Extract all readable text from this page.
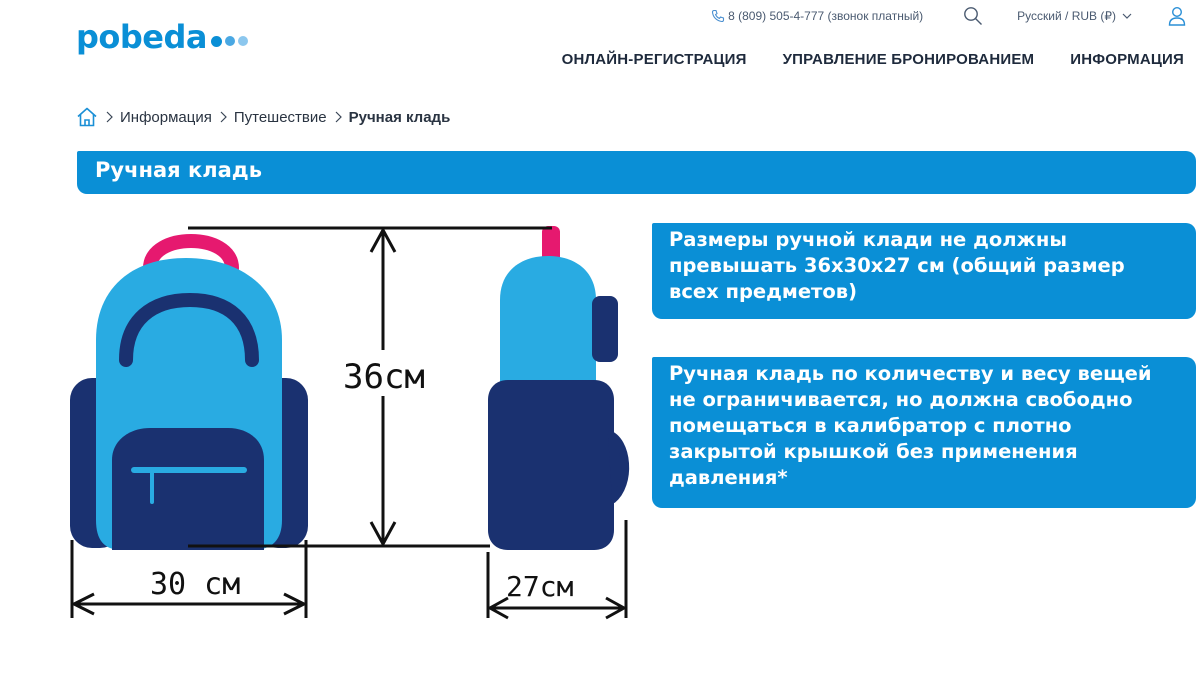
pobeda
8 (809) 505-4-777 (звонок платный)	Русский / RUB (₽)
ОНЛАЙН-РЕГИСТРАЦИЯ УПРАВЛЕНИЕ БРОНИРОВАНИЕМ ИНФОРМАЦИЯ
Информация Путешествие Ручная кладь
Ручная кладь
36см
30 см	27см
Размеры ручной клади не должны превышать 36х30х27 см (общий размер всех предметов)
Ручная кладь по количеству и весу вещей не ограничивается, но должна свободно помещаться в калибратор с плотно закрытой крышкой без применения давления*
